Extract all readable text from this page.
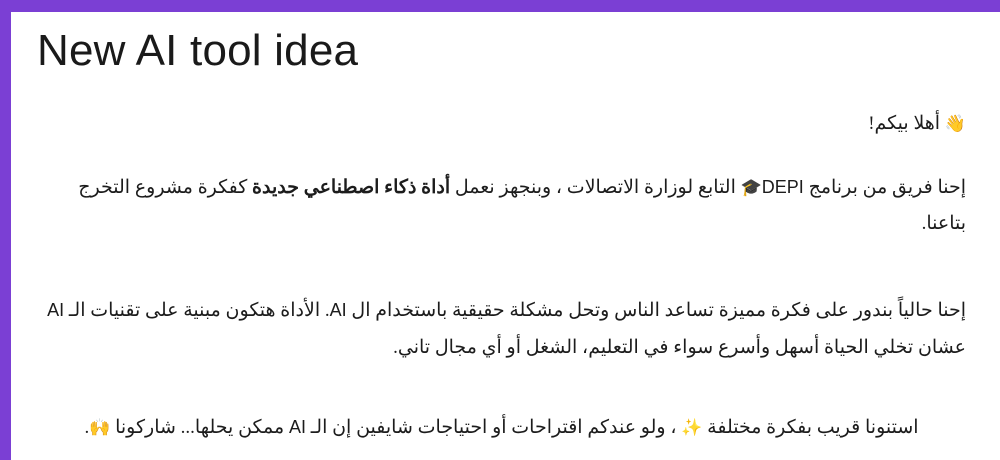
New AI tool idea

👋 أهلا بيكم!

إحنا فريق من برنامج DEPI🎓 التابع لوزارة الاتصالات ، وبنجهز نعمل أداة ذكاء اصطناعي جديدة كفكرة مشروع التخرج بتاعنا.

إحنا حالياً بندور على فكرة مميزة تساعد الناس وتحل مشكلة حقيقية باستخدام ال AI. الأداة هتكون مبنية على تقنيات الـ AI عشان تخلي الحياة أسهل وأسرع سواء في التعليم، الشغل أو أي مجال تاني.

استنونا قريب بفكرة مختلفة ✨ ، ولو عندكم اقتراحات أو احتياجات شايفين إن الـ AI ممكن يحلها... شاركونا 🙌.
